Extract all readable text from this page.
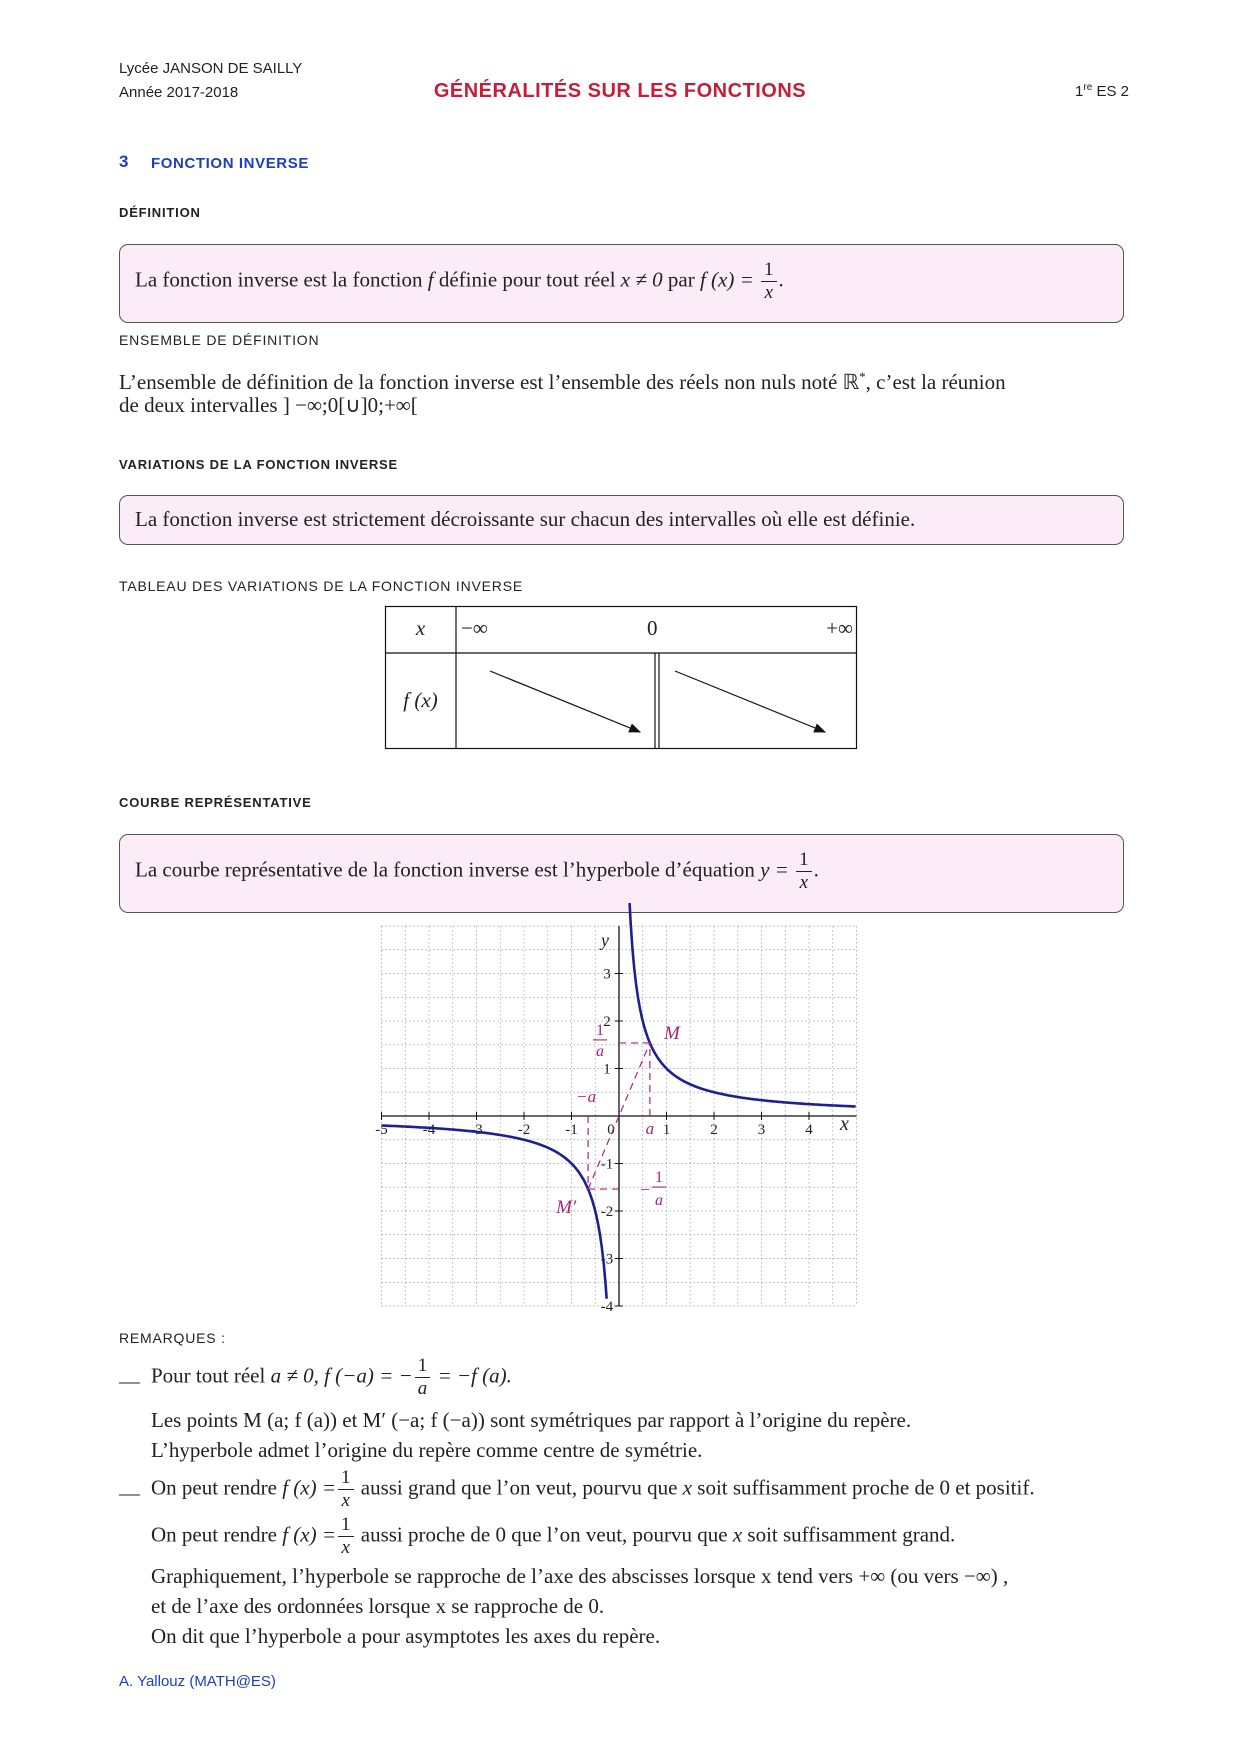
Lycée JANSON DE SAILLY
Année 2017-2018	GÉNÉRALITÉS SUR LES FONCTIONS	1re ES 2
3 FONCTION INVERSE
DÉFINITION
La fonction inverse est la fonction f définie pour tout réel x ≠ 0 par f $(x) = \frac{1}{x}$ .
ENSEMBLE DE DÉFINITION
L’ensemble de définition de la fonction inverse est l’ensemble des réels non nuls noté ℝ*, c’est la réunion
de deux intervalles ] −∞;0[∪]0;+∞[
VARIATIONS DE LA FONCTION INVERSE
La fonction inverse est strictement décroissante sur chacun des intervalles où elle est définie.
TABLEAU DES VARIATIONS DE LA FONCTION INVERSE
x	−∞	0	+∞
f (x)
COURBE REPRÉSENTATIVE
La courbe représentative de la fonction inverse est l’hyperbole d’équation $y = \frac{1}{x}$ .
-5 -4 -3 -2 -1 0	1	2	3	4
-4
-3
-2
-1
1
2
3
x
y
M
M′
a
−a
1
a
−
1
a
REMARQUES :
— Pour tout réel a ≠ 0, f (−a) = − $\frac{1}{a} = -f$ (a).
Les points M (a; f (a)) et M′ (−a; f (−a)) sont symétriques par rapport à l’origine du repère.
L’hyperbole admet l’origine du repère comme centre de symétrie.
— On peut rendre f $(x) = \frac{1}{x}$ aussi grand que l’on veut, pourvu que x soit suffisamment proche de 0 et positif.
On peut rendre f $(x) = \frac{1}{x}$ aussi proche de 0 que l’on veut, pourvu que x soit suffisamment grand.
Graphiquement, l’hyperbole se rapproche de l’axe des abscisses lorsque x tend vers +∞ (ou vers −∞) ,
et de l’axe des ordonnées lorsque x se rapproche de 0.
On dit que l’hyperbole a pour asymptotes les axes du repère.
A. Yallouz (MATH@ES)
